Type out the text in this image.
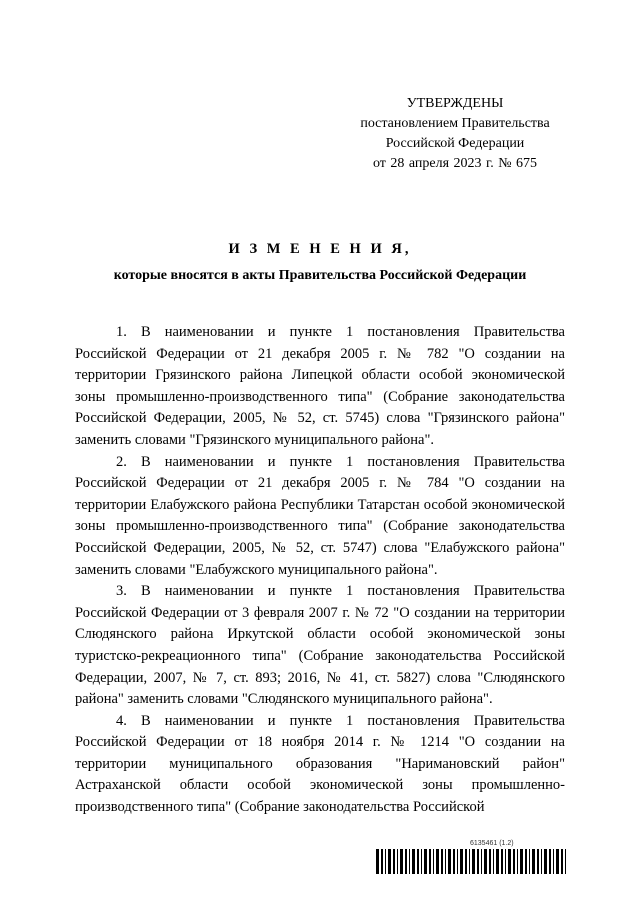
УТВЕРЖДЕНЫ
постановлением Правительства
Российской Федерации
от 28 апреля 2023 г. № 675
И З М Е Н Е Н И Я,
которые вносятся в акты Правительства Российской Федерации

1. В наименовании и пункте 1 постановления Правительства Российской Федерации от 21 декабря 2005 г. № 782 "О создании на территории Грязинского района Липецкой области особой экономической зоны промышленно-производственного типа" (Собрание законодательства Российской Федерации, 2005, № 52, ст. 5745) слова "Грязинского района" заменить словами "Грязинского муниципального района".

2. В наименовании и пункте 1 постановления Правительства Российской Федерации от 21 декабря 2005 г. № 784 "О создании на территории Елабужского района Республики Татарстан особой экономической зоны промышленно-производственного типа" (Собрание законодательства Российской Федерации, 2005, № 52, ст. 5747) слова "Елабужского района" заменить словами "Елабужского муниципального района".

3. В наименовании и пункте 1 постановления Правительства Российской Федерации от 3 февраля 2007 г. № 72 "О создании на территории Слюдянского района Иркутской области особой экономической зоны туристско-рекреационного типа" (Собрание законодательства Российской Федерации, 2007, № 7, ст. 893; 2016, № 41, ст. 5827) слова "Слюдянского района" заменить словами "Слюдянского муниципального района".

4. В наименовании и пункте 1 постановления Правительства Российской Федерации от 18 ноября 2014 г. № 1214 "О создании на территории муниципального образования "Наримановский район" Астраханской области особой экономической зоны промышленно-производственного типа" (Собрание законодательства Российской

6135461 (1.2)
